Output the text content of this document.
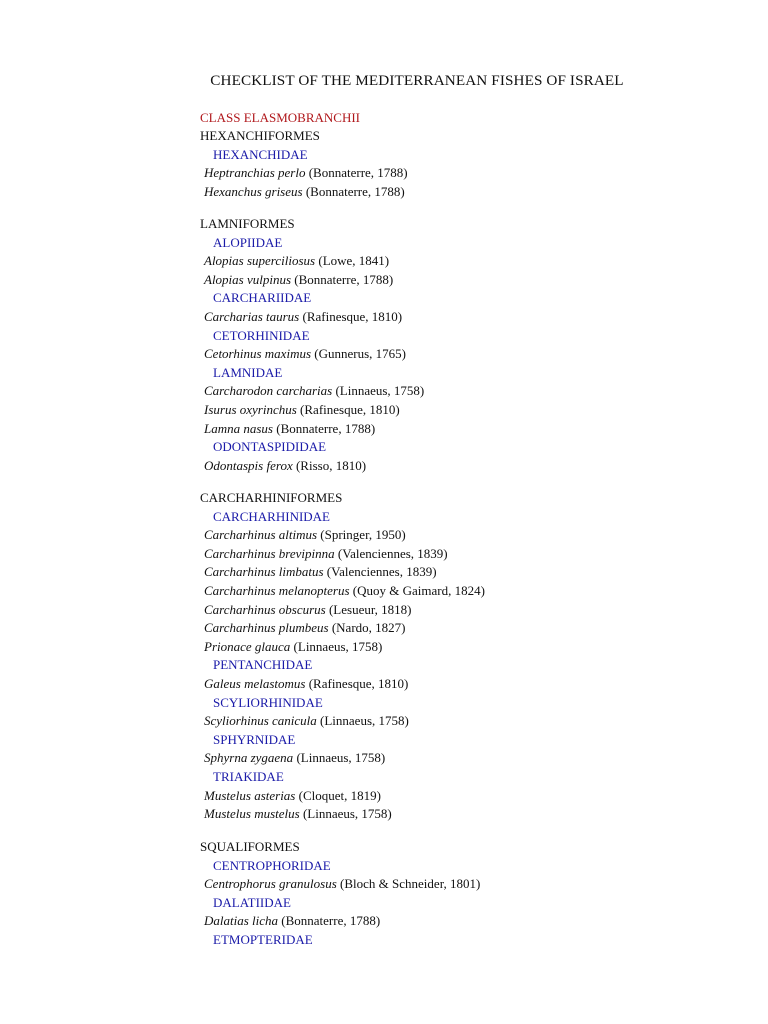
CHECKLIST OF THE MEDITERRANEAN FISHES OF ISRAEL
CLASS ELASMOBRANCHII
HEXANCHIFORMES
HEXANCHIDAE
Heptranchias perlo (Bonnaterre, 1788)
Hexanchus griseus (Bonnaterre, 1788)
LAMNIFORMES
ALOPIIDAE
Alopias superciliosus (Lowe, 1841)
Alopias vulpinus (Bonnaterre, 1788)
CARCHARIIDAE
Carcharias taurus (Rafinesque, 1810)
CETORHINIDAE
Cetorhinus maximus (Gunnerus, 1765)
LAMNIDAE
Carcharodon carcharias (Linnaeus, 1758)
Isurus oxyrinchus (Rafinesque, 1810)
Lamna nasus (Bonnaterre, 1788)
ODONTASPIDIDAE
Odontaspis ferox (Risso, 1810)
CARCHARHINIFORMES
CARCHARHINIDAE
Carcharhinus altimus (Springer, 1950)
Carcharhinus brevipinna (Valenciennes, 1839)
Carcharhinus limbatus (Valenciennes, 1839)
Carcharhinus melanopterus (Quoy & Gaimard, 1824)
Carcharhinus obscurus (Lesueur, 1818)
Carcharhinus plumbeus (Nardo, 1827)
Prionace glauca (Linnaeus, 1758)
PENTANCHIDAE
Galeus melastomus (Rafinesque, 1810)
SCYLIORHINIDAE
Scyliorhinus canicula (Linnaeus, 1758)
SPHYRNIDAE
Sphyrna zygaena (Linnaeus, 1758)
TRIAKIDAE
Mustelus asterias (Cloquet, 1819)
Mustelus mustelus (Linnaeus, 1758)
SQUALIFORMES
CENTROPHORIDAE
Centrophorus granulosus (Bloch & Schneider, 1801)
DALATIIDAE
Dalatias licha (Bonnaterre, 1788)
ETMOPTERIDAE
